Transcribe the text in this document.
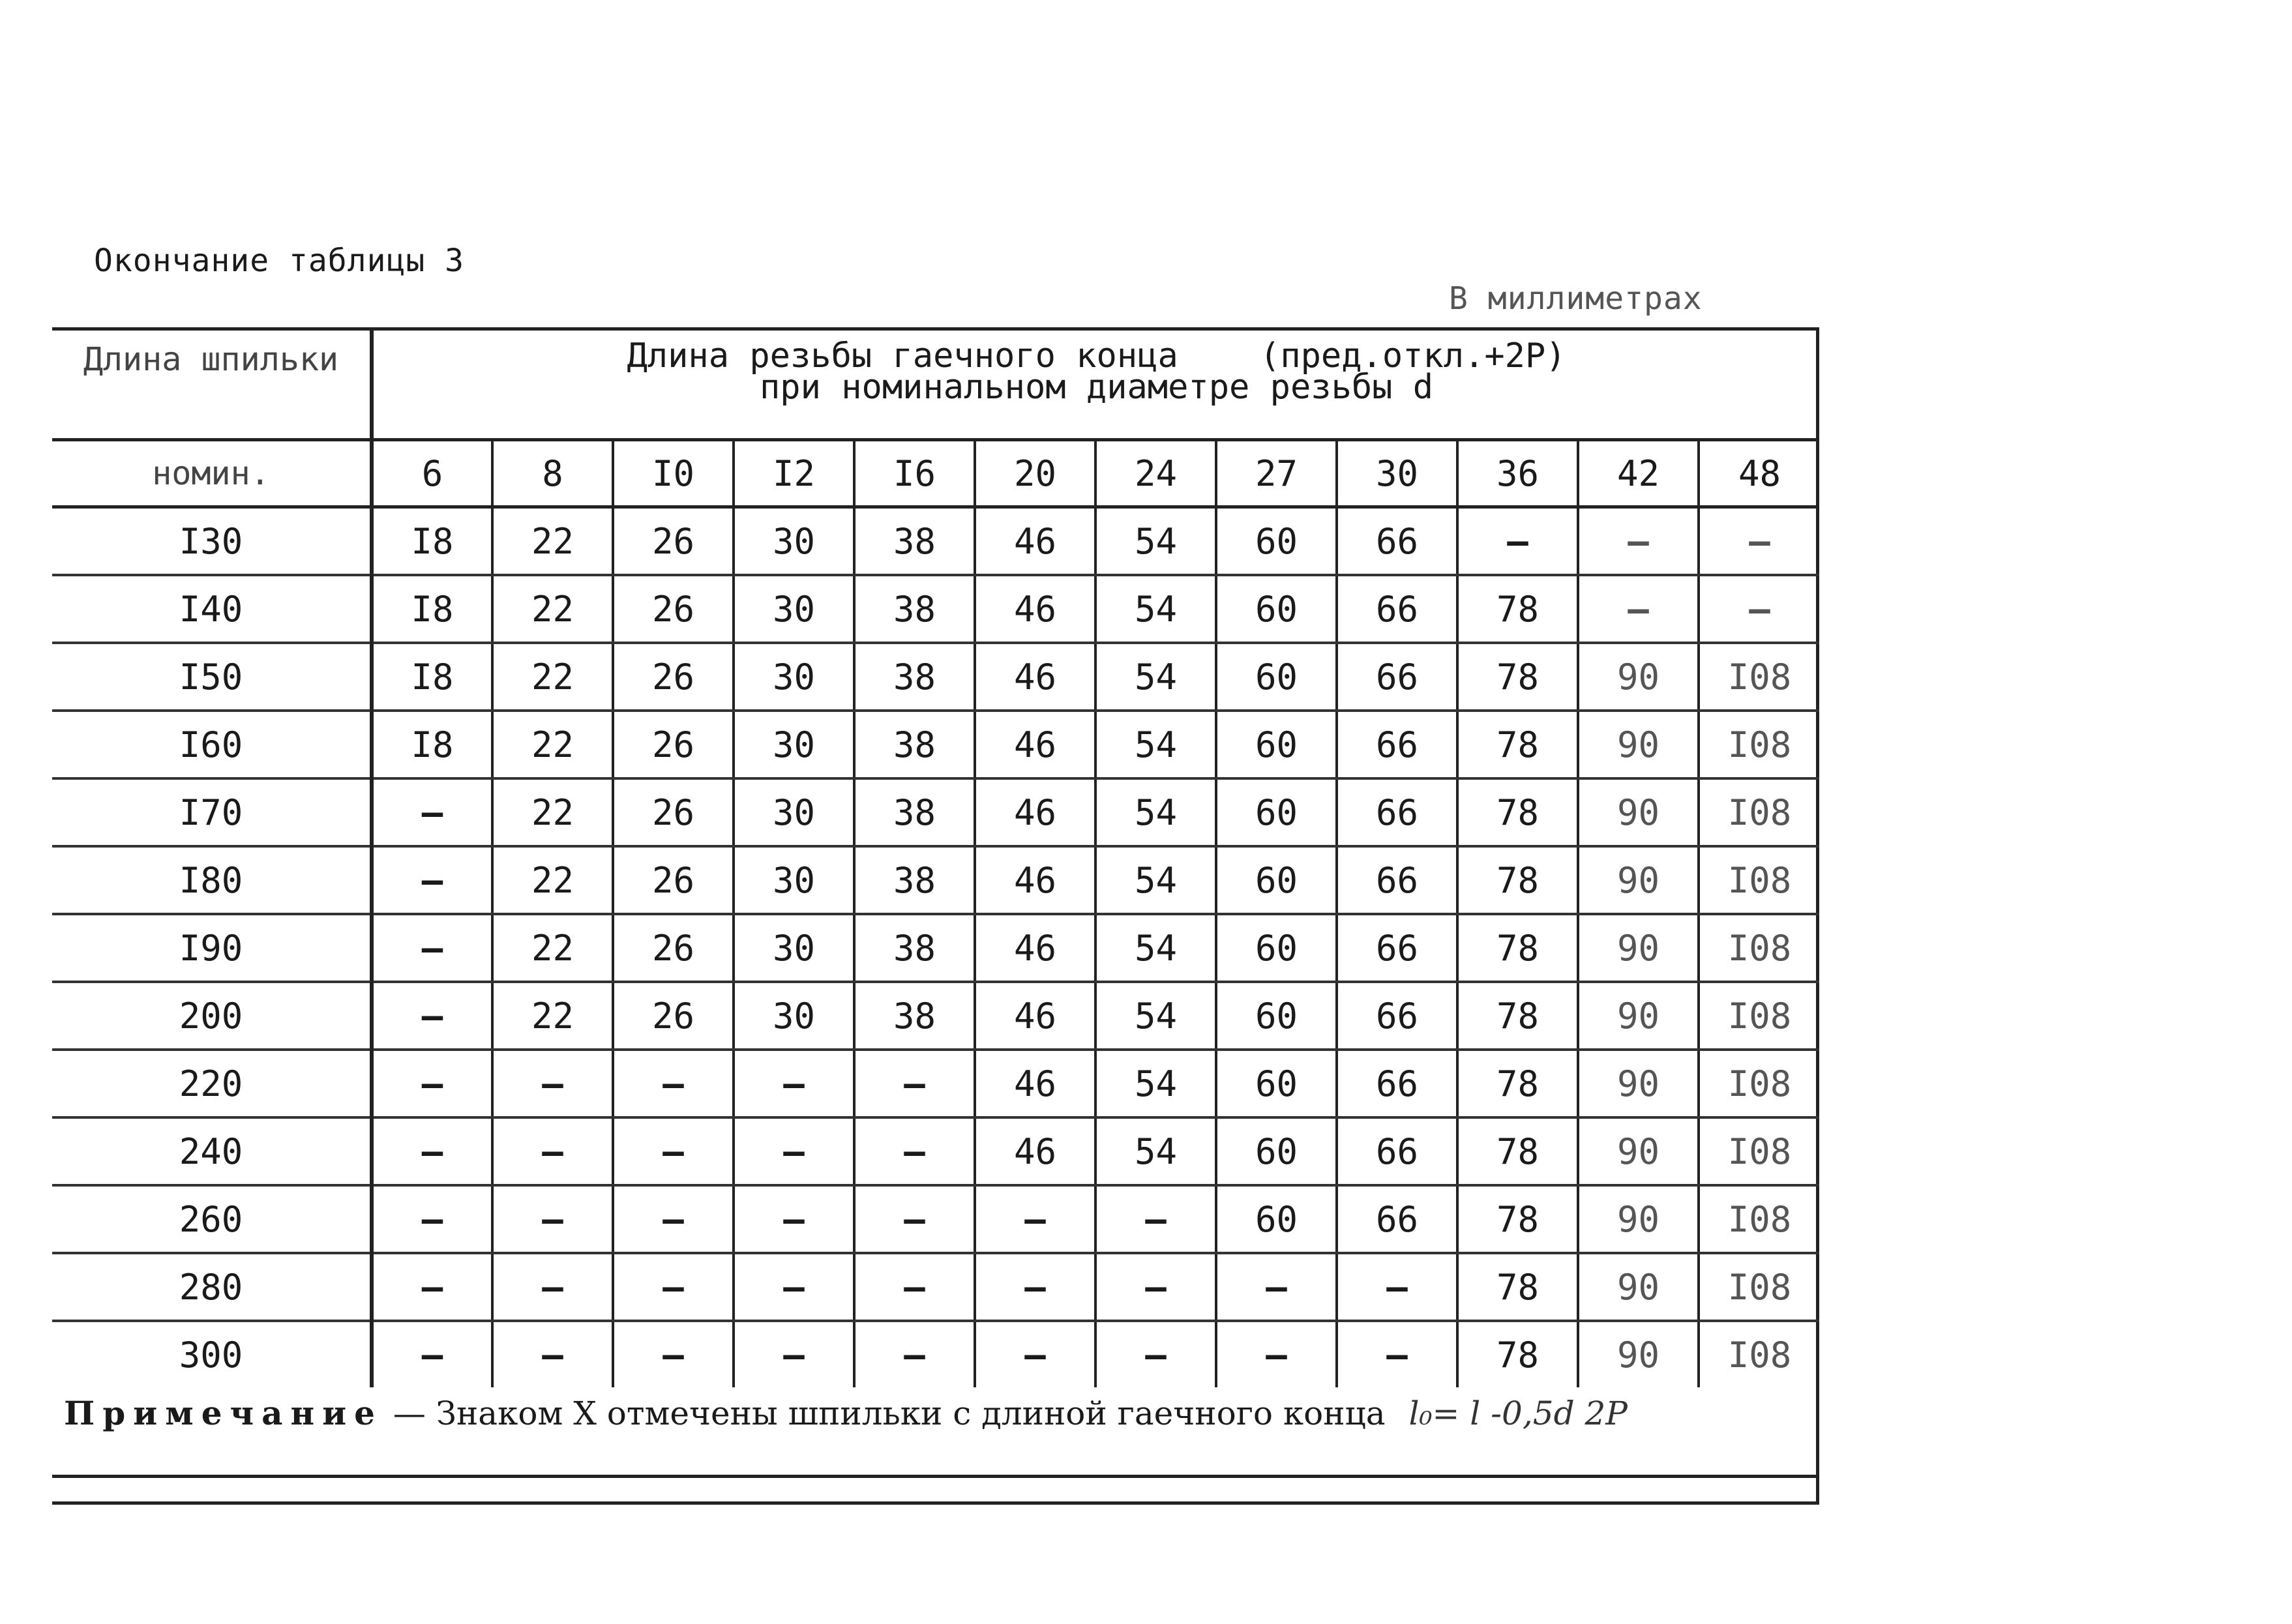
Окончание таблицы 3
В миллиметрах
Длина шпильки	Длина резьбы гаечного конца    (пред.откл.+2Р)
при номинальном диаметре резьбы d											

номин.	6	8	I0	I2	I6	20	24	27	30	36	42	48
I30	I8	22	26	30	38	46	54	60	66	–	–	–
I40	I8	22	26	30	38	46	54	60	66	78	–	–
I50	I8	22	26	30	38	46	54	60	66	78	90	I08
I60	I8	22	26	30	38	46	54	60	66	78	90	I08
I70	–	22	26	30	38	46	54	60	66	78	90	I08
I80	–	22	26	30	38	46	54	60	66	78	90	I08
I90	–	22	26	30	38	46	54	60	66	78	90	I08
200	–	22	26	30	38	46	54	60	66	78	90	I08
220	–	–	–	–	–	46	54	60	66	78	90	I08
240	–	–	–	–	–	46	54	60	66	78	90	I08
260	–	–	–	–	–	–	–	60	66	78	90	I08
280	–	–	–	–	–	–	–	–	–	78	90	I08
300	–	–	–	–	–	–	–	–	–	78	90	I08
Примечание — Знаком X отмечены шпильки с длиной гаечного конца l₀= l -0,5d 2P
